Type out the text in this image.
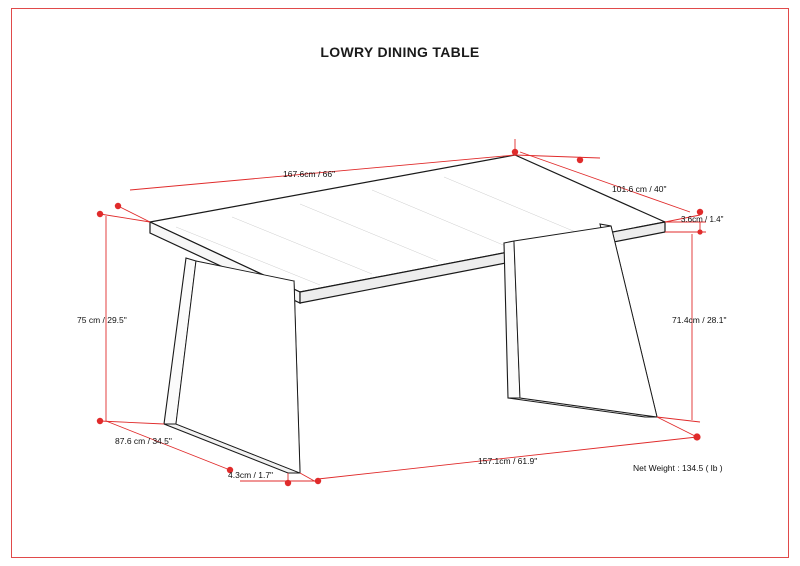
LOWRY DINING TABLE
167.6cm / 66"
101.6 cm / 40"
3.6cm / 1.4"
75 cm / 29.5"	71.4cm / 28.1"
87.6 cm / 34.5"
4.3cm / 1.7"
157.1cm / 61.9"
Net Weight : 134.5 ( lb )
